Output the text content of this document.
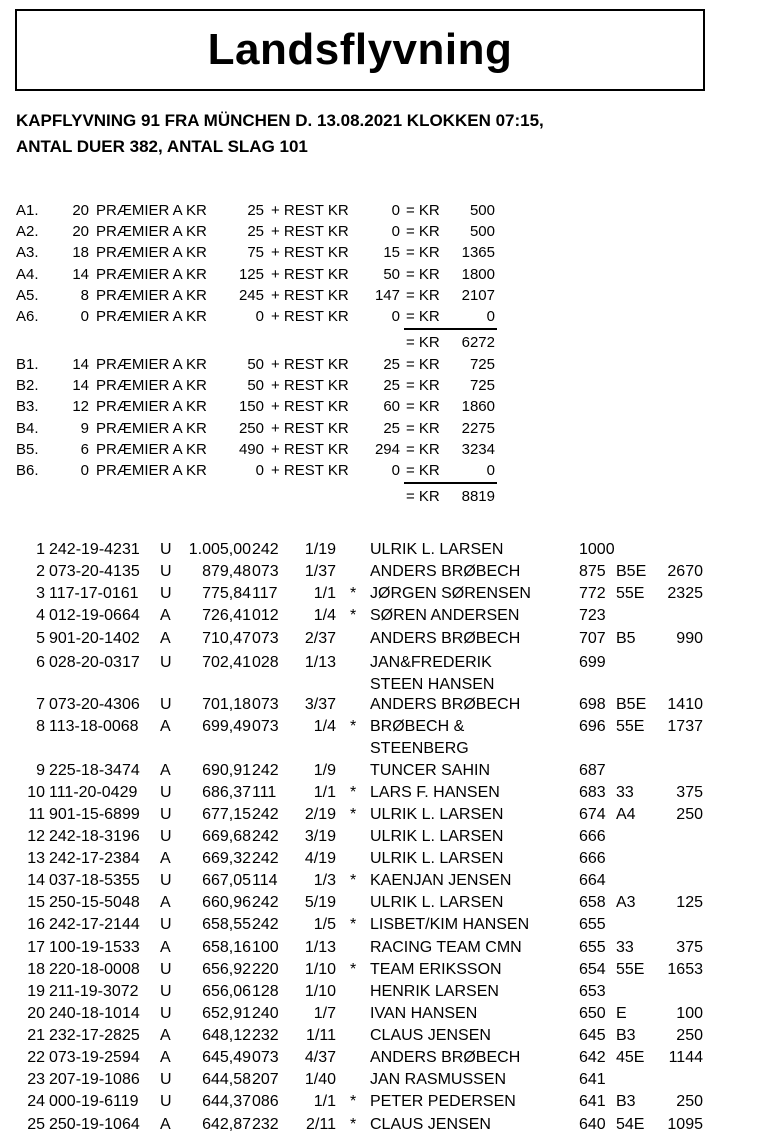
Landsflyvning
KAPFLYVNING 91 FRA MÜNCHEN D. 13.08.2021 KLOKKEN 07:15,
ANTAL DUER 382, ANTAL SLAG 101
A1.	20 PRÆMIER A KR	25 + REST KR	0 = KR	500
A2.	20 PRÆMIER A KR	25 + REST KR	0 = KR	500
A3.	18 PRÆMIER A KR	75 + REST KR	15 = KR	1365
A4.	14 PRÆMIER A KR	125 + REST KR	50 = KR	1800
A5.	8 PRÆMIER A KR	245 + REST KR	147 = KR	2107
A6.	0 PRÆMIER A KR	0 + REST KR	0 = KR	0
= KR	6272
B1.	14 PRÆMIER A KR	50 + REST KR	25 = KR	725
B2.	14 PRÆMIER A KR	50 + REST KR	25 = KR	725
B3.	12 PRÆMIER A KR	150 + REST KR	60 = KR	1860
B4.	9 PRÆMIER A KR	250 + REST KR	25 = KR	2275
B5.	6 PRÆMIER A KR	490 + REST KR	294 = KR	3234
B6.	0 PRÆMIER A KR	0 + REST KR	0 = KR	0
= KR	8819
1 242-19-4231 U 1.005,00 242 1/19 ULRIK L. LARSEN	1000
2 073-20-4135 U 879,48 073 1/37 ANDERS BRØBECH	875 B5E 2670
3 117-17-0161 U 775,84 117 1/1 * JØRGEN SØRENSEN	772 55E 2325
4 012-19-0664 A 726,41 012 1/4 * SØREN ANDERSEN	723
5 901-20-1402 A 710,47 073 2/37 ANDERS BRØBECH	707 B5	990
6 028-20-0317 U 702,41 028 1/13 JAN&FREDERIK	699
STEEN HANSEN
7 073-20-4306 U 701,18 073 3/37 ANDERS BRØBECH	698 B5E 1410
8 113-18-0068 A 699,49 073 1/4 * BRØBECH &	696 55E 1737
STEENBERG
9 225-18-3474 A 690,91 242 1/9 TUNCER SAHIN	687
10 111-20-0429 U 686,37 111 1/1 * LARS F. HANSEN	683 33	375
11 901-15-6899 U 677,15 242 2/19 * ULRIK L. LARSEN	674 A4	250
12 242-18-3196 U 669,68 242 3/19 ULRIK L. LARSEN	666
13 242-17-2384 A 669,32 242 4/19 ULRIK L. LARSEN	666
14 037-18-5355 U 667,05 114 1/3 * KAENJAN JENSEN	664
15 250-15-5048 A 660,96 242 5/19 ULRIK L. LARSEN	658 A3	125
16 242-17-2144 U 658,55 242 1/5 * LISBET/KIM HANSEN	655
17 100-19-1533 A 658,16 100 1/13 RACING TEAM CMN	655 33	375
18 220-18-0008 U 656,92 220 1/10 * TEAM ERIKSSON	654 55E 1653
19 211-19-3072 U 656,06 128 1/10 HENRIK LARSEN	653
20 240-18-1014 U 652,91 240 1/7 IVAN HANSEN	650 E	100
21 232-17-2825 A 648,12 232 1/11 CLAUS JENSEN	645 B3	250
22 073-19-2594 A 645,49 073 4/37 ANDERS BRØBECH	642 45E 1144
23 207-19-1086 U 644,58 207 1/40 JAN RASMUSSEN	641
24 000-19-6119 U 644,37 086 1/1 * PETER PEDERSEN	641 B3	250
25 250-19-1064 A 642,87 232 2/11 * CLAUS JENSEN	640 54E 1095
